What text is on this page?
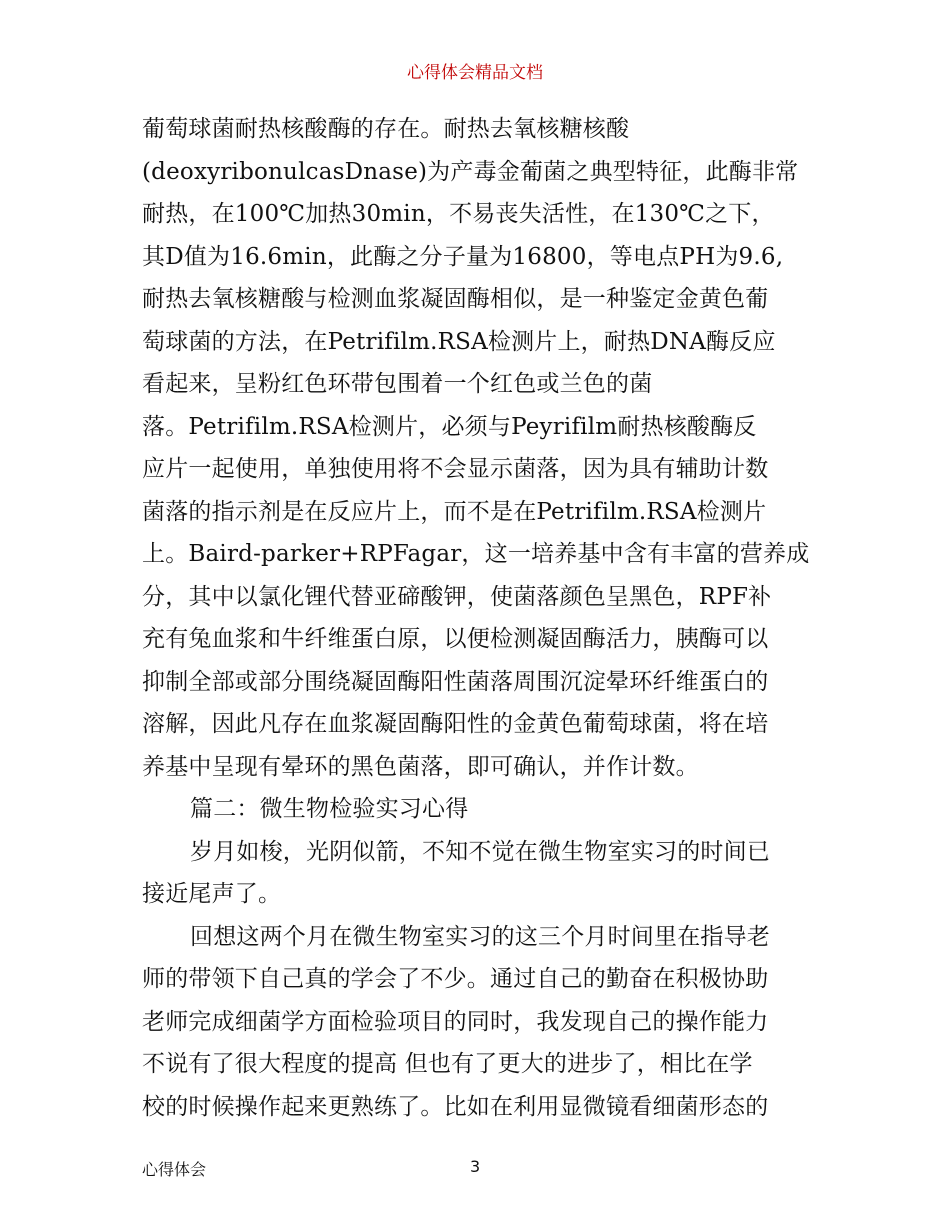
心得体会精品文档
葡萄球菌耐热核酸酶的存在。耐热去氧核糖核酸
(deoxyribonulcasDnase)为产毒金葡菌之典型特征，此酶非常
耐热，在100℃加热30min，不易丧失活性，在130℃之下，
其D值为16.6min，此酶之分子量为16800，等电点PH为9.6,
耐热去氧核糖酸与检测血浆凝固酶相似，是一种鉴定金黄色葡
萄球菌的方法，在Petrifilm.RSA检测片上，耐热DNA酶反应
看起来，呈粉红色环带包围着一个红色或兰色的菌
落。Petrifilm.RSA检测片，必须与Peyrifilm耐热核酸酶反
应片一起使用，单独使用将不会显示菌落，因为具有辅助计数
菌落的指示剂是在反应片上，而不是在Petrifilm.RSA检测片
上。Baird-parker+RPFagar，这一培养基中含有丰富的营养成
分，其中以氯化锂代替亚碲酸钾，使菌落颜色呈黑色，RPF补
充有兔血浆和牛纤维蛋白原，以便检测凝固酶活力，胰酶可以
抑制全部或部分围绕凝固酶阳性菌落周围沉淀晕环纤维蛋白的
溶解，因此凡存在血浆凝固酶阳性的金黄色葡萄球菌，将在培
养基中呈现有晕环的黑色菌落，即可确认，并作计数。
篇二：微生物检验实习心得
岁月如梭，光阴似箭，不知不觉在微生物室实习的时间已
接近尾声了。
回想这两个月在微生物室实习的这三个月时间里在指导老
师的带领下自己真的学会了不少。通过自己的勤奋在积极协助
老师完成细菌学方面检验项目的同时，我发现自己的操作能力
不说有了很大程度的提高 但也有了更大的进步了，相比在学
校的时候操作起来更熟练了。比如在利用显微镜看细菌形态的
心得体会	3
